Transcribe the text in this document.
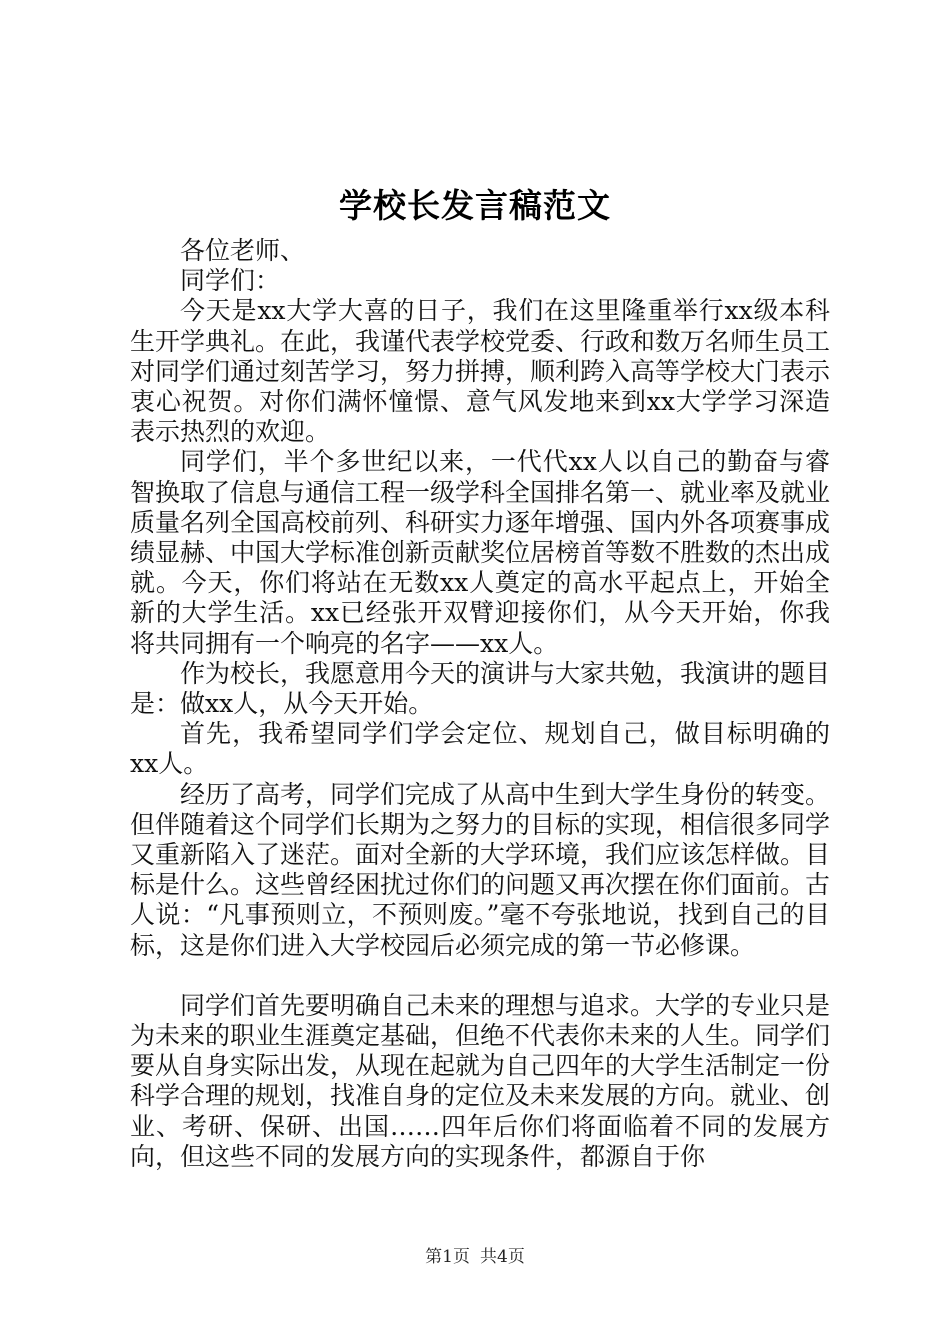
学校长发言稿范文

各位老师、

同学们：

今天是xx大学大喜的日子，我们在这里隆重举行xx级本科生开学典礼。在此，我谨代表学校党委、行政和数万名师生员工对同学们通过刻苦学习，努力拼搏，顺利跨入高等学校大门表示衷心祝贺。对你们满怀憧憬、意气风发地来到xx大学学习深造表示热烈的欢迎。

同学们，半个多世纪以来，一代代xx人以自己的勤奋与睿智换取了信息与通信工程一级学科全国排名第一、就业率及就业质量名列全国高校前列、科研实力逐年增强、国内外各项赛事成绩显赫、中国大学标准创新贡献奖位居榜首等数不胜数的杰出成就。今天，你们将站在无数xx人奠定的高水平起点上，开始全新的大学生活。xx已经张开双臂迎接你们，从今天开始，你我将共同拥有一个响亮的名字——xx人。

作为校长，我愿意用今天的演讲与大家共勉，我演讲的题目是：做xx人，从今天开始。

首先，我希望同学们学会定位、规划自己，做目标明确的xx人。

经历了高考，同学们完成了从高中生到大学生身份的转变。但伴随着这个同学们长期为之努力的目标的实现，相信很多同学又重新陷入了迷茫。面对全新的大学环境，我们应该怎样做。目标是什么。这些曾经困扰过你们的问题又再次摆在你们面前。古人说：“凡事预则立，不预则废。”毫不夸张地说，找到自己的目标，这是你们进入大学校园后必须完成的第一节必修课。

同学们首先要明确自己未来的理想与追求。大学的专业只是为未来的职业生涯奠定基础，但绝不代表你未来的人生。同学们要从自身实际出发，从现在起就为自己四年的大学生活制定一份科学合理的规划，找准自身的定位及未来发展的方向。就业、创业、考研、保研、出国……四年后你们将面临着不同的发展方向，但这些不同的发展方向的实现条件，都源自于你

第1页 共4页
